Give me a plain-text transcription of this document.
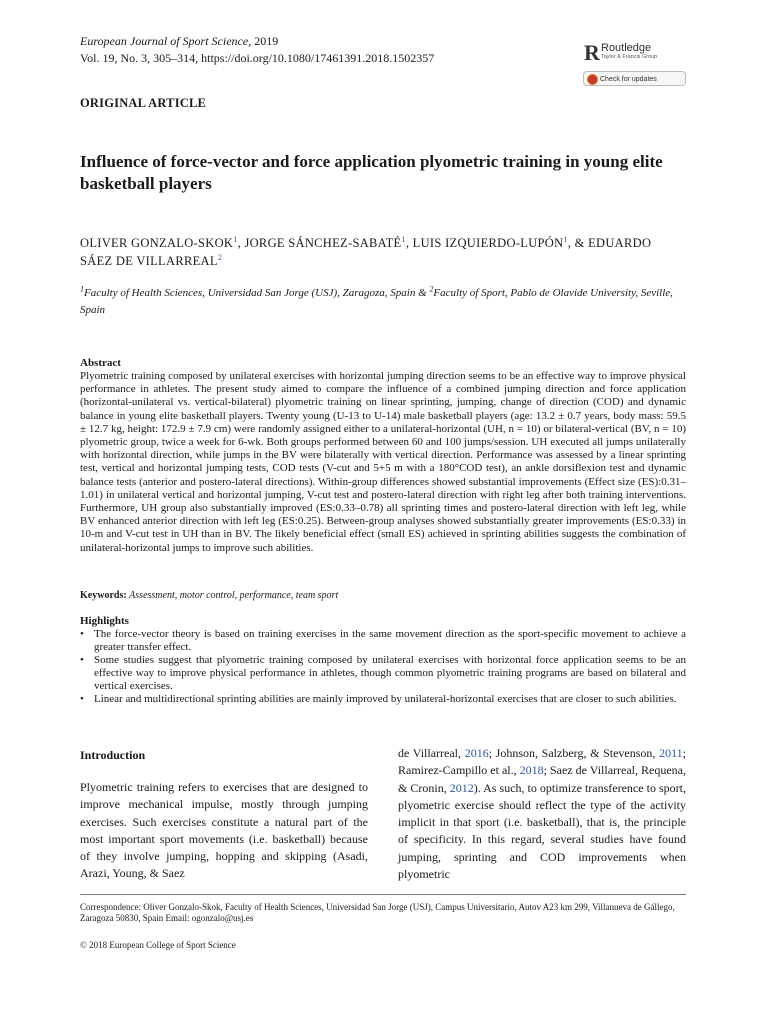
European Journal of Sport Science, 2019
Vol. 19, No. 3, 305–314, https://doi.org/10.1080/17461391.2018.1502357	R Routledge
Taylor & Francis Group
Check for updates
ORIGINAL ARTICLE
Influence of force-vector and force application plyometric training in young elite basketball players
OLIVER GONZALO-SKOK$^1$, JORGE SÁNCHEZ-SABATÉ$^1$, LUIS IZQUIERDO-LUPÓN$^1$, & EDUARDO SÁEZ DE VILLARREAL$^2$
$^1$Faculty of Health Sciences, Universidad San Jorge (USJ), Zaragoza, Spain & $^2$Faculty of Sport, Pablo de Olavide University, Seville, Spain
Abstract
Plyometric training composed by unilateral exercises with horizontal jumping direction seems to be an effective way to improve physical performance in athletes. The present study aimed to compare the influence of a combined jumping direction and force application (horizontal-unilateral vs. vertical-bilateral) plyometric training on linear sprinting, jumping, change of direction (COD) and dynamic balance in young elite basketball players. Twenty young (U-13 to U-14) male basketball players (age: 13.2 ± 0.7 years, body mass: 59.5 ± 12.7 kg, height: 172.9 ± 7.9 cm) were randomly assigned either to a unilateral-horizontal (UH, n = 10) or bilateral-vertical (BV, n = 10) plyometric group, twice a week for 6-wk. Both groups performed between 60 and 100 jumps/session. UH executed all jumps unilaterally with horizontal direction, while jumps in the BV were bilaterally with vertical direction. Performance was assessed by a linear sprinting test, vertical and horizontal jumping tests, COD tests (V-cut and 5+5 m with a 180°COD test), an ankle dorsiflexion test and dynamic balance tests (anterior and postero-lateral directions). Within-group differences showed substantial improvements (Effect size (ES):0.31–1.01) in unilateral vertical and horizontal jumping, V-cut test and postero-lateral direction with right leg after both training interventions. Furthermore, UH group also substantially improved (ES:0.33–0.78) all sprinting times and postero-lateral direction with left leg, while BV enhanced anterior direction with left leg (ES:0.25). Between-group analyses showed substantially greater improvements (ES:0.33) in 10-m and V-cut test in UH than in BV. The likely beneficial effect (small ES) achieved in sprinting abilities suggests the combination of unilateral-horizontal jumps to improve such abilities.
Keywords: Assessment, motor control, performance, team sport
Highlights
• The force-vector theory is based on training exercises in the same movement direction as the sport-specific movement to achieve a greater transfer effect.
• Some studies suggest that plyometric training composed by unilateral exercises with horizontal force application seems to be an effective way to improve physical performance in athletes, though common plyometric training programs are based on bilateral and vertical exercises.
• Linear and multidirectional sprinting abilities are mainly improved by unilateral-horizontal exercises that are closer to such abilities.
Introduction
Plyometric training refers to exercises that are designed to improve mechanical impulse, mostly through jumping exercises. Such exercises constitute a natural part of the most important sport movements (i.e. basketball) because of they involve jumping, hopping and skipping (Asadi, Arazi, Young, & Saez
de Villarreal, 2016; Johnson, Salzberg, & Stevenson, 2011; Ramirez-Campillo et al., 2018; Saez de Villarreal, Requena, & Cronin, 2012). As such, to optimize transference to sport, plyometric exercise should reflect the type of the activity implicit in that sport (i.e. basketball), that is, the principle of specificity. In this regard, several studies have found jumping, sprinting and COD improvements when plyometric
Correspondence: Oliver Gonzalo-Skok, Faculty of Health Sciences, Universidad San Jorge (USJ), Campus Universitario, Autov A23 km 299, Villanueva de Gállego, Zaragoza 50830, Spain Email: ogonzalo@usj.es
© 2018 European College of Sport Science
